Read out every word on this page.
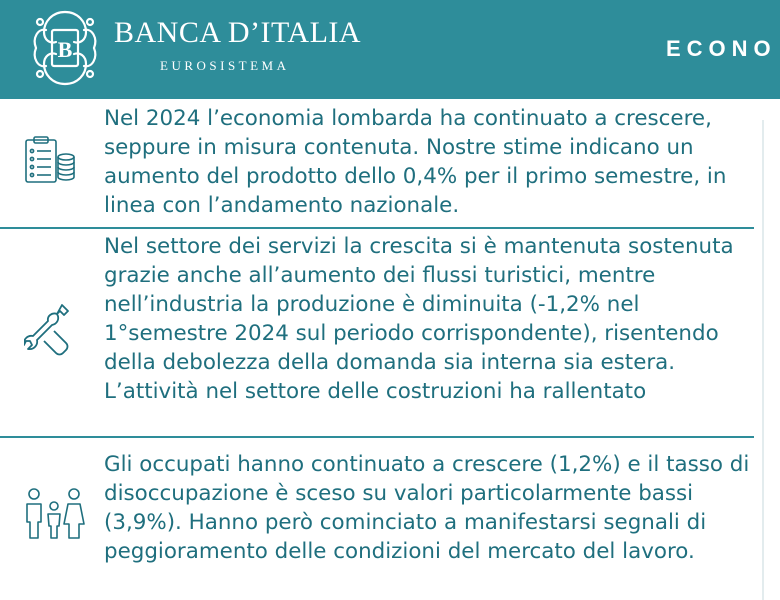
B
BANCA D’ITALIA
EUROSISTEMA
ECONO

Nel 2024 l’economia lombarda ha continuato a crescere, seppure in misura contenuta. Nostre stime indicano un aumento del prodotto dello 0,4% per il primo semestre, in linea con l’andamento nazionale.

Nel settore dei servizi la crescita si è mantenuta sostenuta grazie anche all’aumento dei flussi turistici, mentre nell’industria la produzione è diminuita (-1,2% nel 1°semestre 2024 sul periodo corrispondente), risentendo della debolezza della domanda sia interna sia estera. L’attività nel settore delle costruzioni ha rallentato

Gli occupati hanno continuato a crescere (1,2%) e il tasso di disoccupazione è sceso su valori particolarmente bassi (3,9%). Hanno però cominciato a manifestarsi segnali di peggioramento delle condizioni del mercato del lavoro.
